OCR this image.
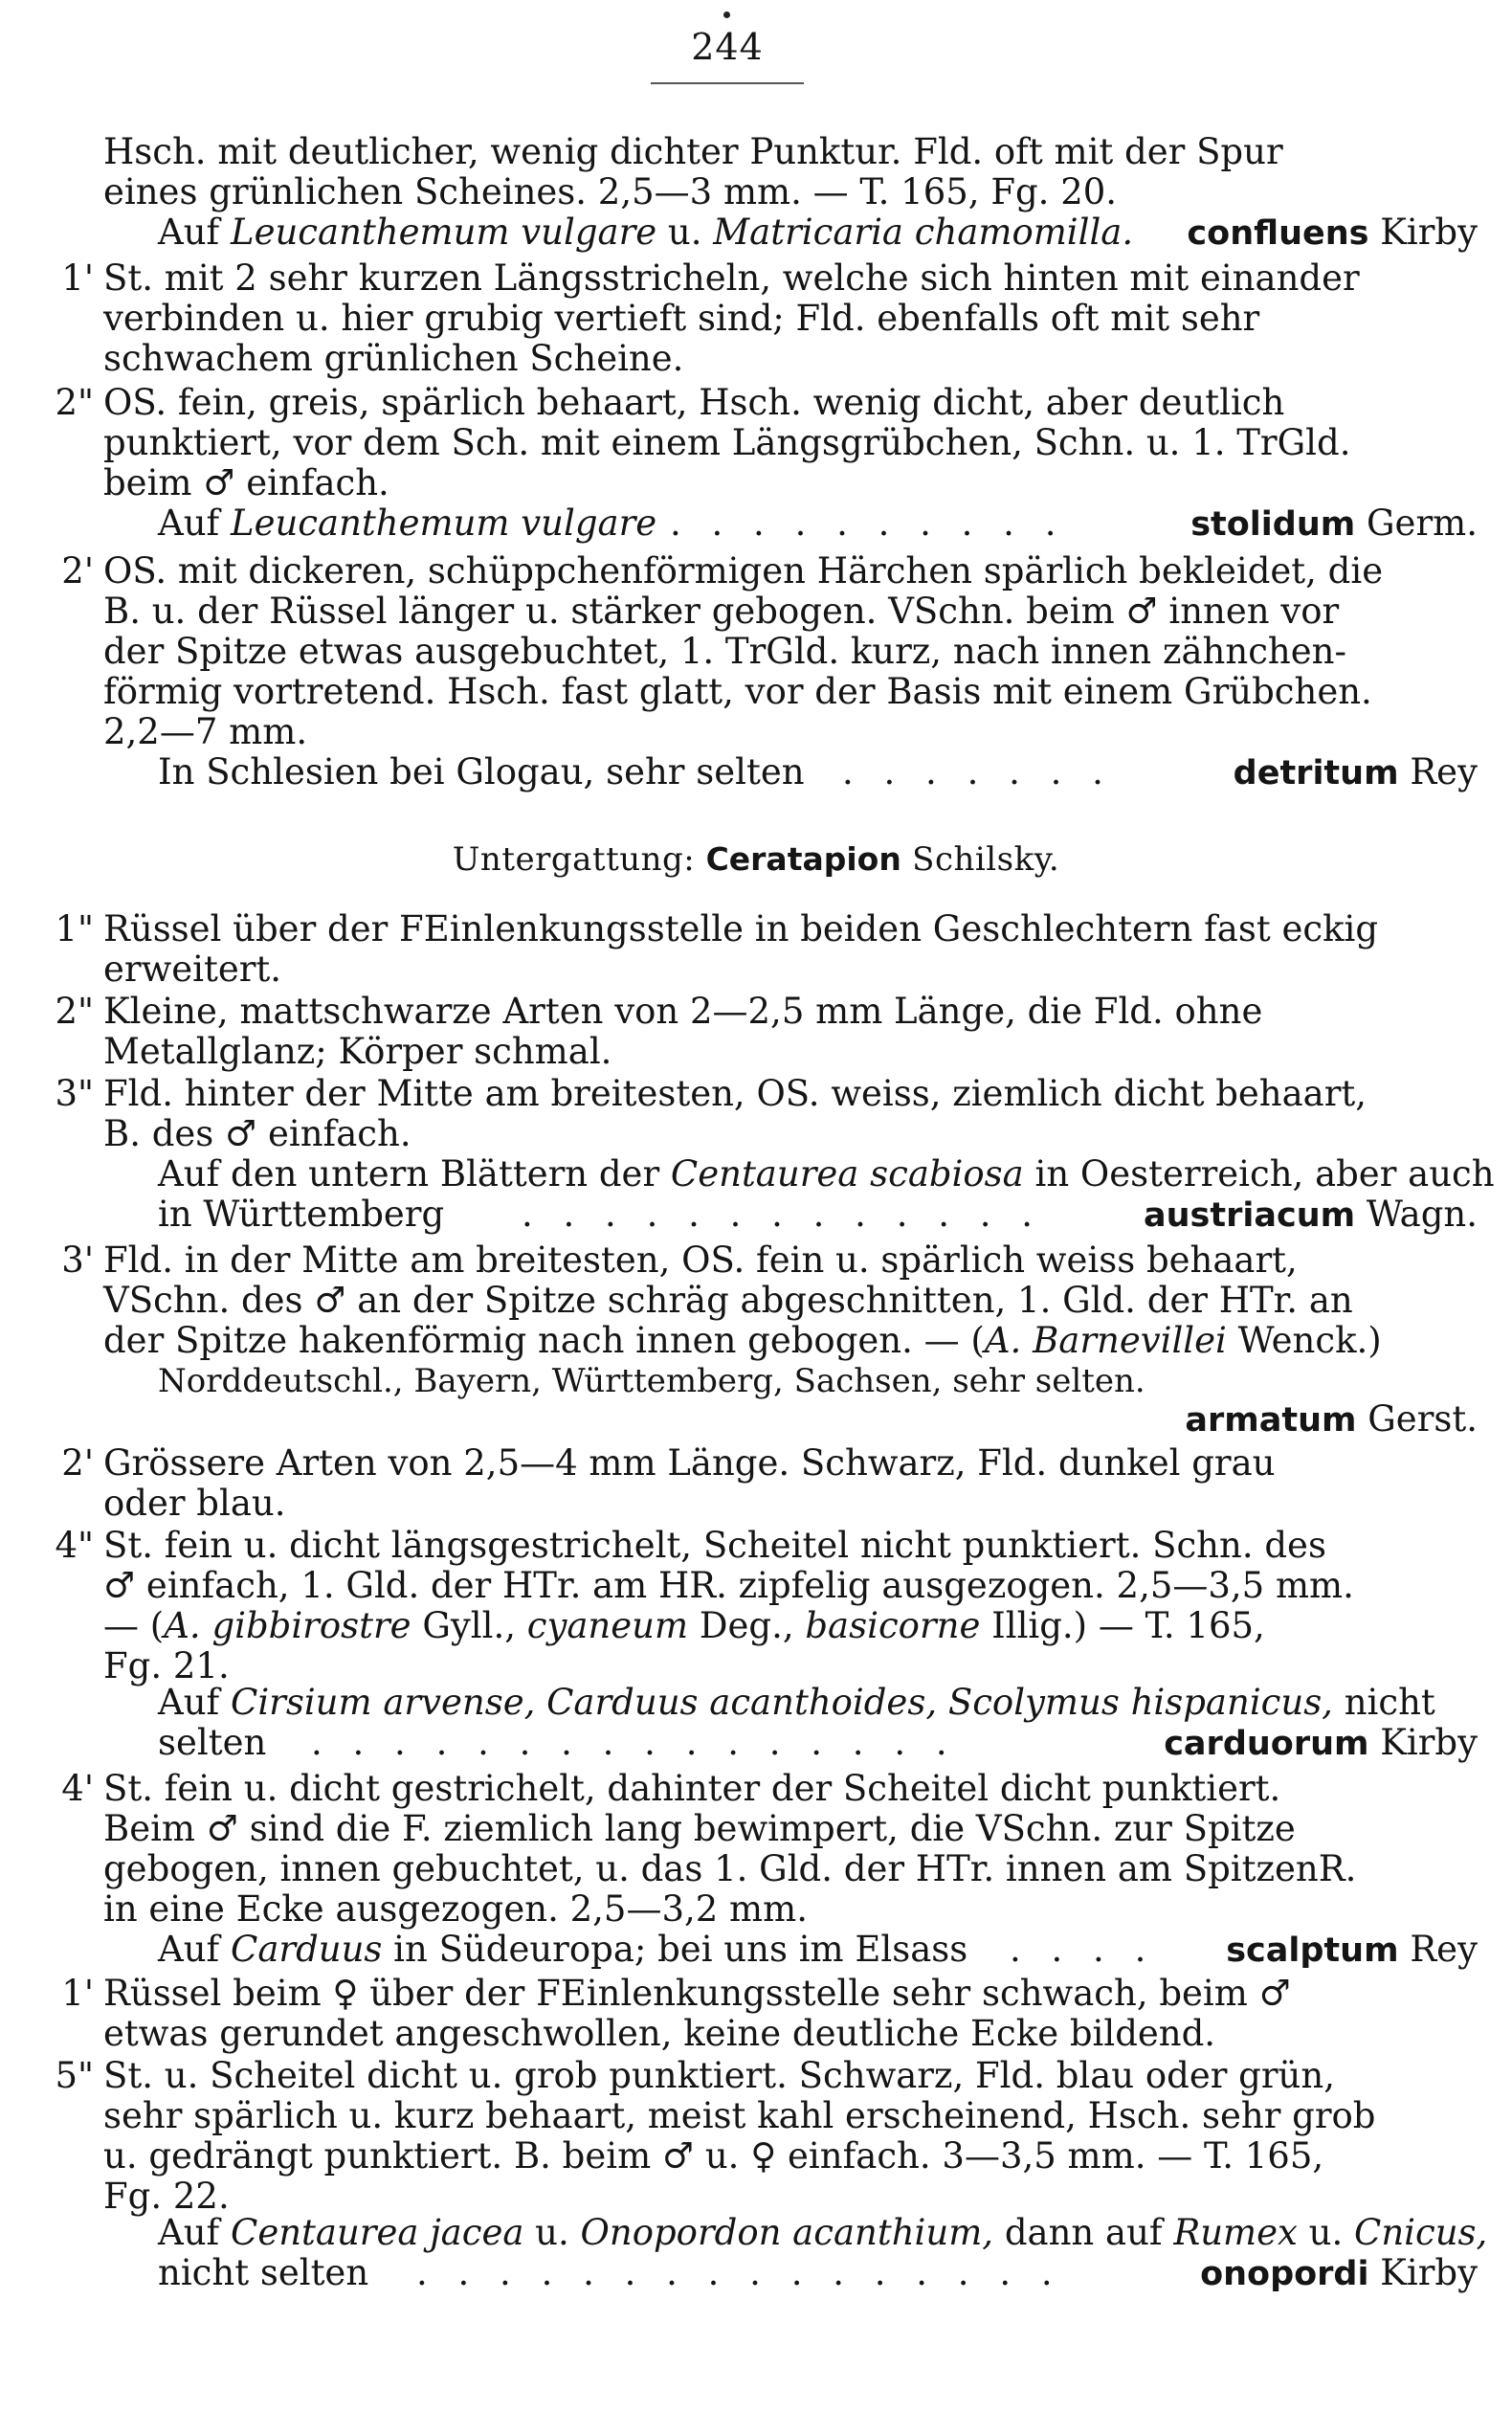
244
Hsch. mit deutlicher, wenig dichter Punktur. Fld. oft mit der Spur
eines grünlichen Scheines. 2,5—3 mm. — T. 165, Fg. 20.
Auf Leucanthemum vulgare u. Matricaria chamomilla. confluens Kirby
1' St. mit 2 sehr kurzen Längsstricheln, welche sich hinten mit einander
verbinden u. hier grubig vertieft sind; Fld. ebenfalls oft mit sehr
schwachem grünlichen Scheine.
2" OS. fein, greis, spärlich behaart, Hsch. wenig dicht, aber deutlich
punktiert, vor dem Sch. mit einem Längsgrübchen, Schn. u. 1. TrGld.
beim ♂ einfach.
Auf Leucanthemum vulgare . . . . . . . . . .	stolidum Germ.
2' OS. mit dickeren, schüppchenförmigen Härchen spärlich bekleidet, die
B. u. der Rüssel länger u. stärker gebogen. VSchn. beim ♂ innen vor
der Spitze etwas ausgebuchtet, 1. TrGld. kurz, nach innen zähnchen-
förmig vortretend. Hsch. fast glatt, vor der Basis mit einem Grübchen.
2,2—7 mm.
In Schlesien bei Glogau, sehr selten . . . . . . .	detritum Rey
Untergattung: Ceratapion Schilsky.
1" Rüssel über der FEinlenkungsstelle in beiden Geschlechtern fast eckig
erweitert.
2" Kleine, mattschwarze Arten von 2—2,5 mm Länge, die Fld. ohne
Metallglanz; Körper schmal.
3" Fld. hinter der Mitte am breitesten, OS. weiss, ziemlich dicht behaart,
B. des ♂ einfach.
Auf den untern Blättern der Centaurea scabiosa in Oesterreich, aber auch
in Württemberg . . . . . . . . . . . . .	austriacum Wagn.
3' Fld. in der Mitte am breitesten, OS. fein u. spärlich weiss behaart,
VSchn. des ♂ an der Spitze schräg abgeschnitten, 1. Gld. der HTr. an
der Spitze hakenförmig nach innen gebogen. — (A. Barnevillei Wenck.)
Norddeutschl., Bayern, Württemberg, Sachsen, sehr selten.
armatum Gerst.
2' Grössere Arten von 2,5—4 mm Länge. Schwarz, Fld. dunkel grau
oder blau.
4" St. fein u. dicht längsgestrichelt, Scheitel nicht punktiert. Schn. des
♂ einfach, 1. Gld. der HTr. am HR. zipfelig ausgezogen. 2,5—3,5 mm.
— (A. gibbirostre Gyll., cyaneum Deg., basicorne Illig.) — T. 165,
Fg. 21.
Auf Cirsium arvense, Carduus acanthoides, Scolymus hispanicus, nicht
selten . . . . . . . . . . . . . . . .	carduorum Kirby
4' St. fein u. dicht gestrichelt, dahinter der Scheitel dicht punktiert.
Beim ♂ sind die F. ziemlich lang bewimpert, die VSchn. zur Spitze
gebogen, innen gebuchtet, u. das 1. Gld. der HTr. innen am SpitzenR.
in eine Ecke ausgezogen. 2,5—3,2 mm.
Auf Carduus in Südeuropa; bei uns im Elsass . . . . scalptum Rey
1' Rüssel beim ♀ über der FEinlenkungsstelle sehr schwach, beim ♂
etwas gerundet angeschwollen, keine deutliche Ecke bildend.
5" St. u. Scheitel dicht u. grob punktiert. Schwarz, Fld. blau oder grün,
sehr spärlich u. kurz behaart, meist kahl erscheinend, Hsch. sehr grob
u. gedrängt punktiert. B. beim ♂ u. ♀ einfach. 3—3,5 mm. — T. 165,
Fg. 22.
Auf Centaurea jacea u. Onopordon acanthium, dann auf Rumex u. Cnicus,
nicht selten . . . . . . . . . . . . . . . .	onopordi Kirby
